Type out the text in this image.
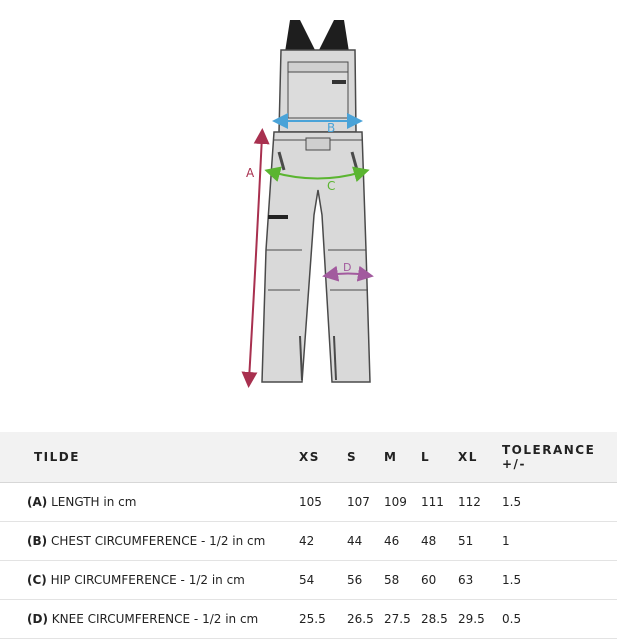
A
B
C
D
TILDE	XS	S	M	L	XL	TOLERANCE +/-
(A) LENGTH in cm	105	107	109	111	112	1.5
(B) CHEST CIRCUMFERENCE - 1/2 in cm	42	44	46	48	51	1
(C) HIP CIRCUMFERENCE - 1/2 in cm	54	56	58	60	63	1.5
(D) KNEE CIRCUMFERENCE - 1/2 in cm	25.5	26.5	27.5	28.5	29.5	0.5
